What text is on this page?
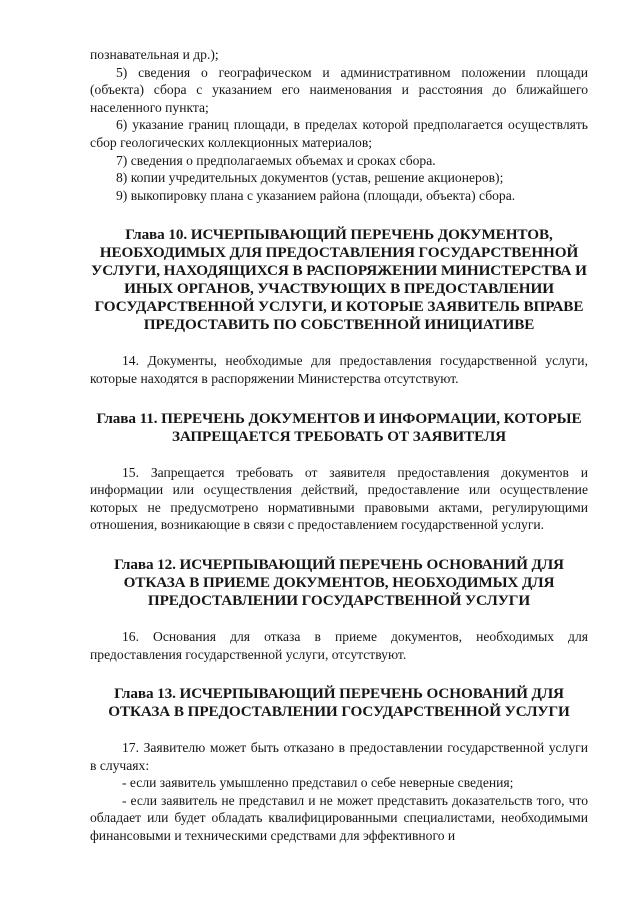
познавательная и др.);

5) сведения о географическом и административном положении площади (объекта) сбора с указанием его наименования и расстояния до ближайшего населенного пункта;

6) указание границ площади, в пределах которой предполагается осуществлять сбор геологических коллекционных материалов;

7) сведения о предполагаемых объемах и сроках сбора.

8) копии учредительных документов (устав, решение акционеров);

9) выкопировку плана с указанием района (площади, объекта) сбора.

Глава 10. ИСЧЕРПЫВАЮЩИЙ ПЕРЕЧЕНЬ ДОКУМЕНТОВ, НЕОБХОДИМЫХ ДЛЯ ПРЕДОСТАВЛЕНИЯ ГОСУДАРСТВЕННОЙ УСЛУГИ, НАХОДЯЩИХСЯ В РАСПОРЯЖЕНИИ МИНИСТЕРСТВА И ИНЫХ ОРГАНОВ, УЧАСТВУЮЩИХ В ПРЕДОСТАВЛЕНИИ ГОСУДАРСТВЕННОЙ УСЛУГИ, И КОТОРЫЕ ЗАЯВИТЕЛЬ ВПРАВЕ ПРЕДОСТАВИТЬ ПО СОБСТВЕННОЙ ИНИЦИАТИВЕ

14. Документы, необходимые для предоставления государственной услуги, которые находятся в распоряжении Министерства отсутствуют.

Глава 11. ПЕРЕЧЕНЬ ДОКУМЕНТОВ И ИНФОРМАЦИИ, КОТОРЫЕ ЗАПРЕЩАЕТСЯ ТРЕБОВАТЬ ОТ ЗАЯВИТЕЛЯ

15. Запрещается требовать от заявителя предоставления документов и информации или осуществления действий, предоставление или осуществление которых не предусмотрено нормативными правовыми актами, регулирующими отношения, возникающие в связи с предоставлением государственной услуги.

Глава 12. ИСЧЕРПЫВАЮЩИЙ ПЕРЕЧЕНЬ ОСНОВАНИЙ ДЛЯ ОТКАЗА В ПРИЕМЕ ДОКУМЕНТОВ, НЕОБХОДИМЫХ ДЛЯ ПРЕДОСТАВЛЕНИИ ГОСУДАРСТВЕННОЙ УСЛУГИ

16. Основания для отказа в приеме документов, необходимых для предоставления государственной услуги, отсутствуют.

Глава 13. ИСЧЕРПЫВАЮЩИЙ ПЕРЕЧЕНЬ ОСНОВАНИЙ ДЛЯ ОТКАЗА В ПРЕДОСТАВЛЕНИИ ГОСУДАРСТВЕННОЙ УСЛУГИ

17. Заявителю может быть отказано в предоставлении государственной услуги в случаях:

- если заявитель умышленно представил о себе неверные сведения;

- если заявитель не представил и не может представить доказательств того, что обладает или будет обладать квалифицированными специалистами, необходимыми финансовыми и техническими средствами для эффективного и
